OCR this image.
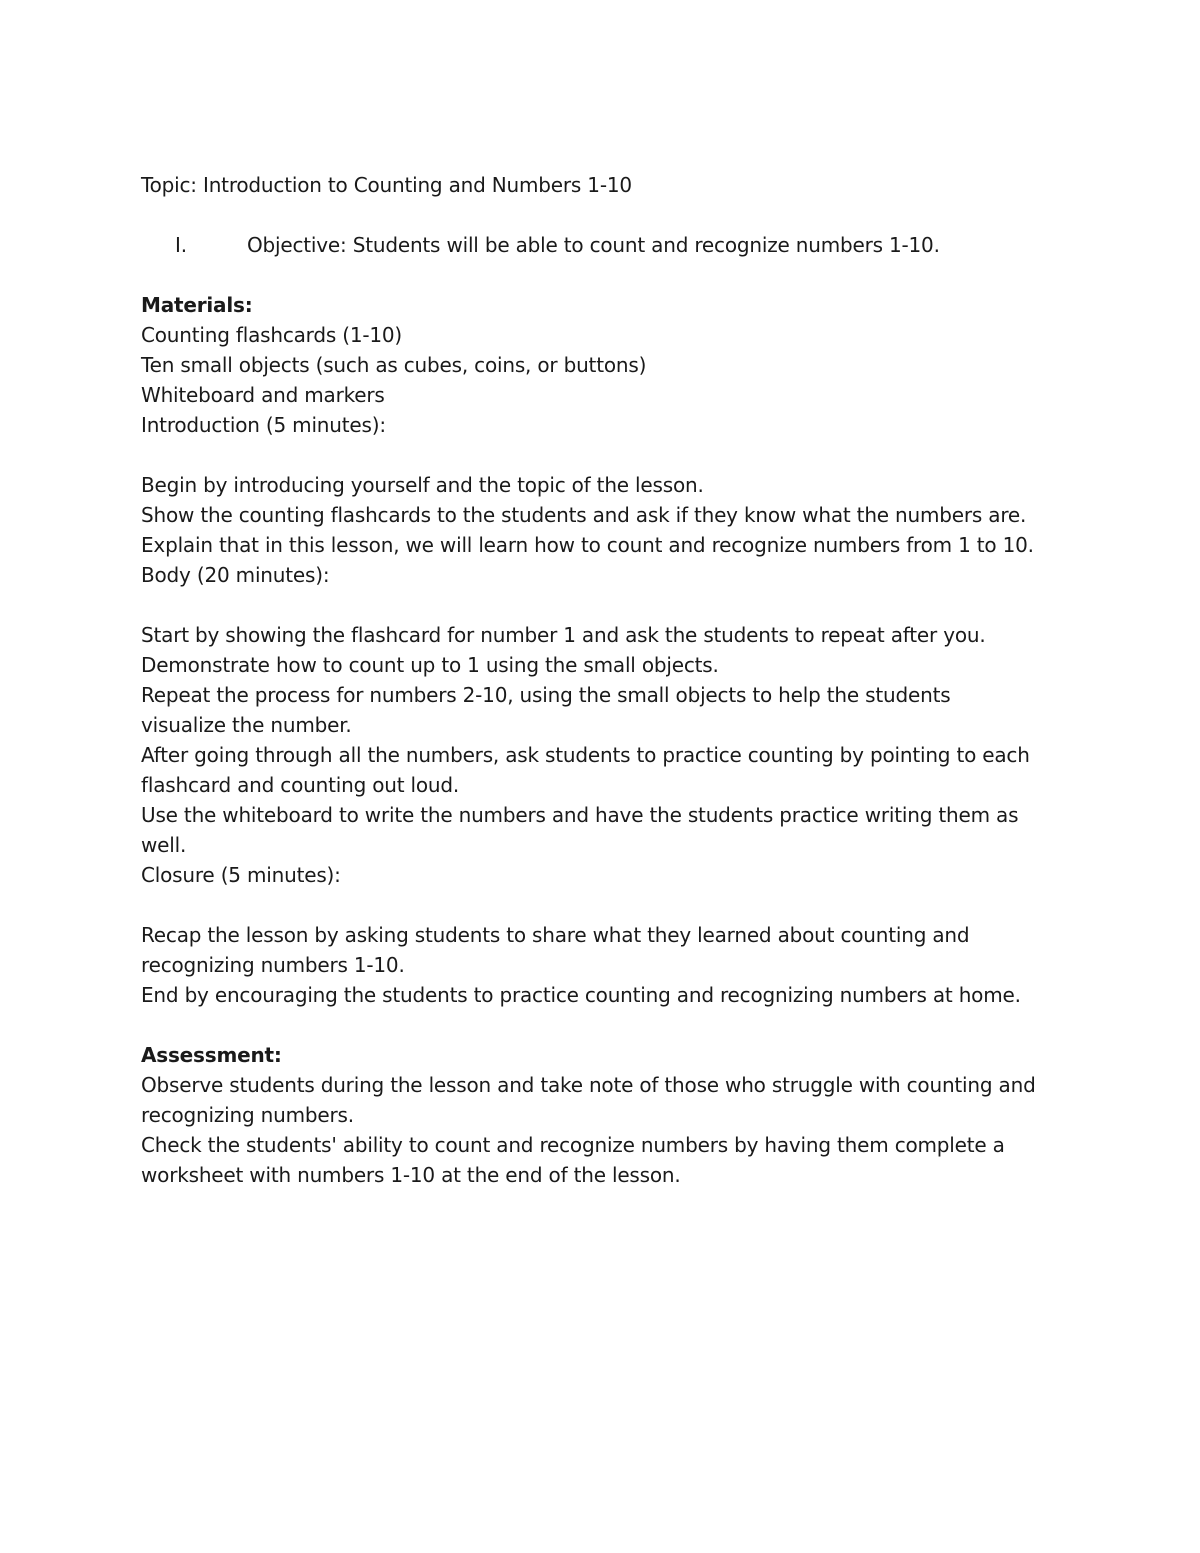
Topic: Introduction to Counting and Numbers 1-10
I.	Objective: Students will be able to count and recognize numbers 1-10.
Materials:
Counting flashcards (1-10)
Ten small objects (such as cubes, coins, or buttons)
Whiteboard and markers
Introduction (5 minutes):
Begin by introducing yourself and the topic of the lesson.
Show the counting flashcards to the students and ask if they know what the numbers are.
Explain that in this lesson, we will learn how to count and recognize numbers from 1 to 10.
Body (20 minutes):
Start by showing the flashcard for number 1 and ask the students to repeat after you.
Demonstrate how to count up to 1 using the small objects.
Repeat the process for numbers 2-10, using the small objects to help the students
visualize the number.
After going through all the numbers, ask students to practice counting by pointing to each
flashcard and counting out loud.
Use the whiteboard to write the numbers and have the students practice writing them as
well.
Closure (5 minutes):
Recap the lesson by asking students to share what they learned about counting and
recognizing numbers 1-10.
End by encouraging the students to practice counting and recognizing numbers at home.
Assessment:
Observe students during the lesson and take note of those who struggle with counting and
recognizing numbers.
Check the students' ability to count and recognize numbers by having them complete a
worksheet with numbers 1-10 at the end of the lesson.
